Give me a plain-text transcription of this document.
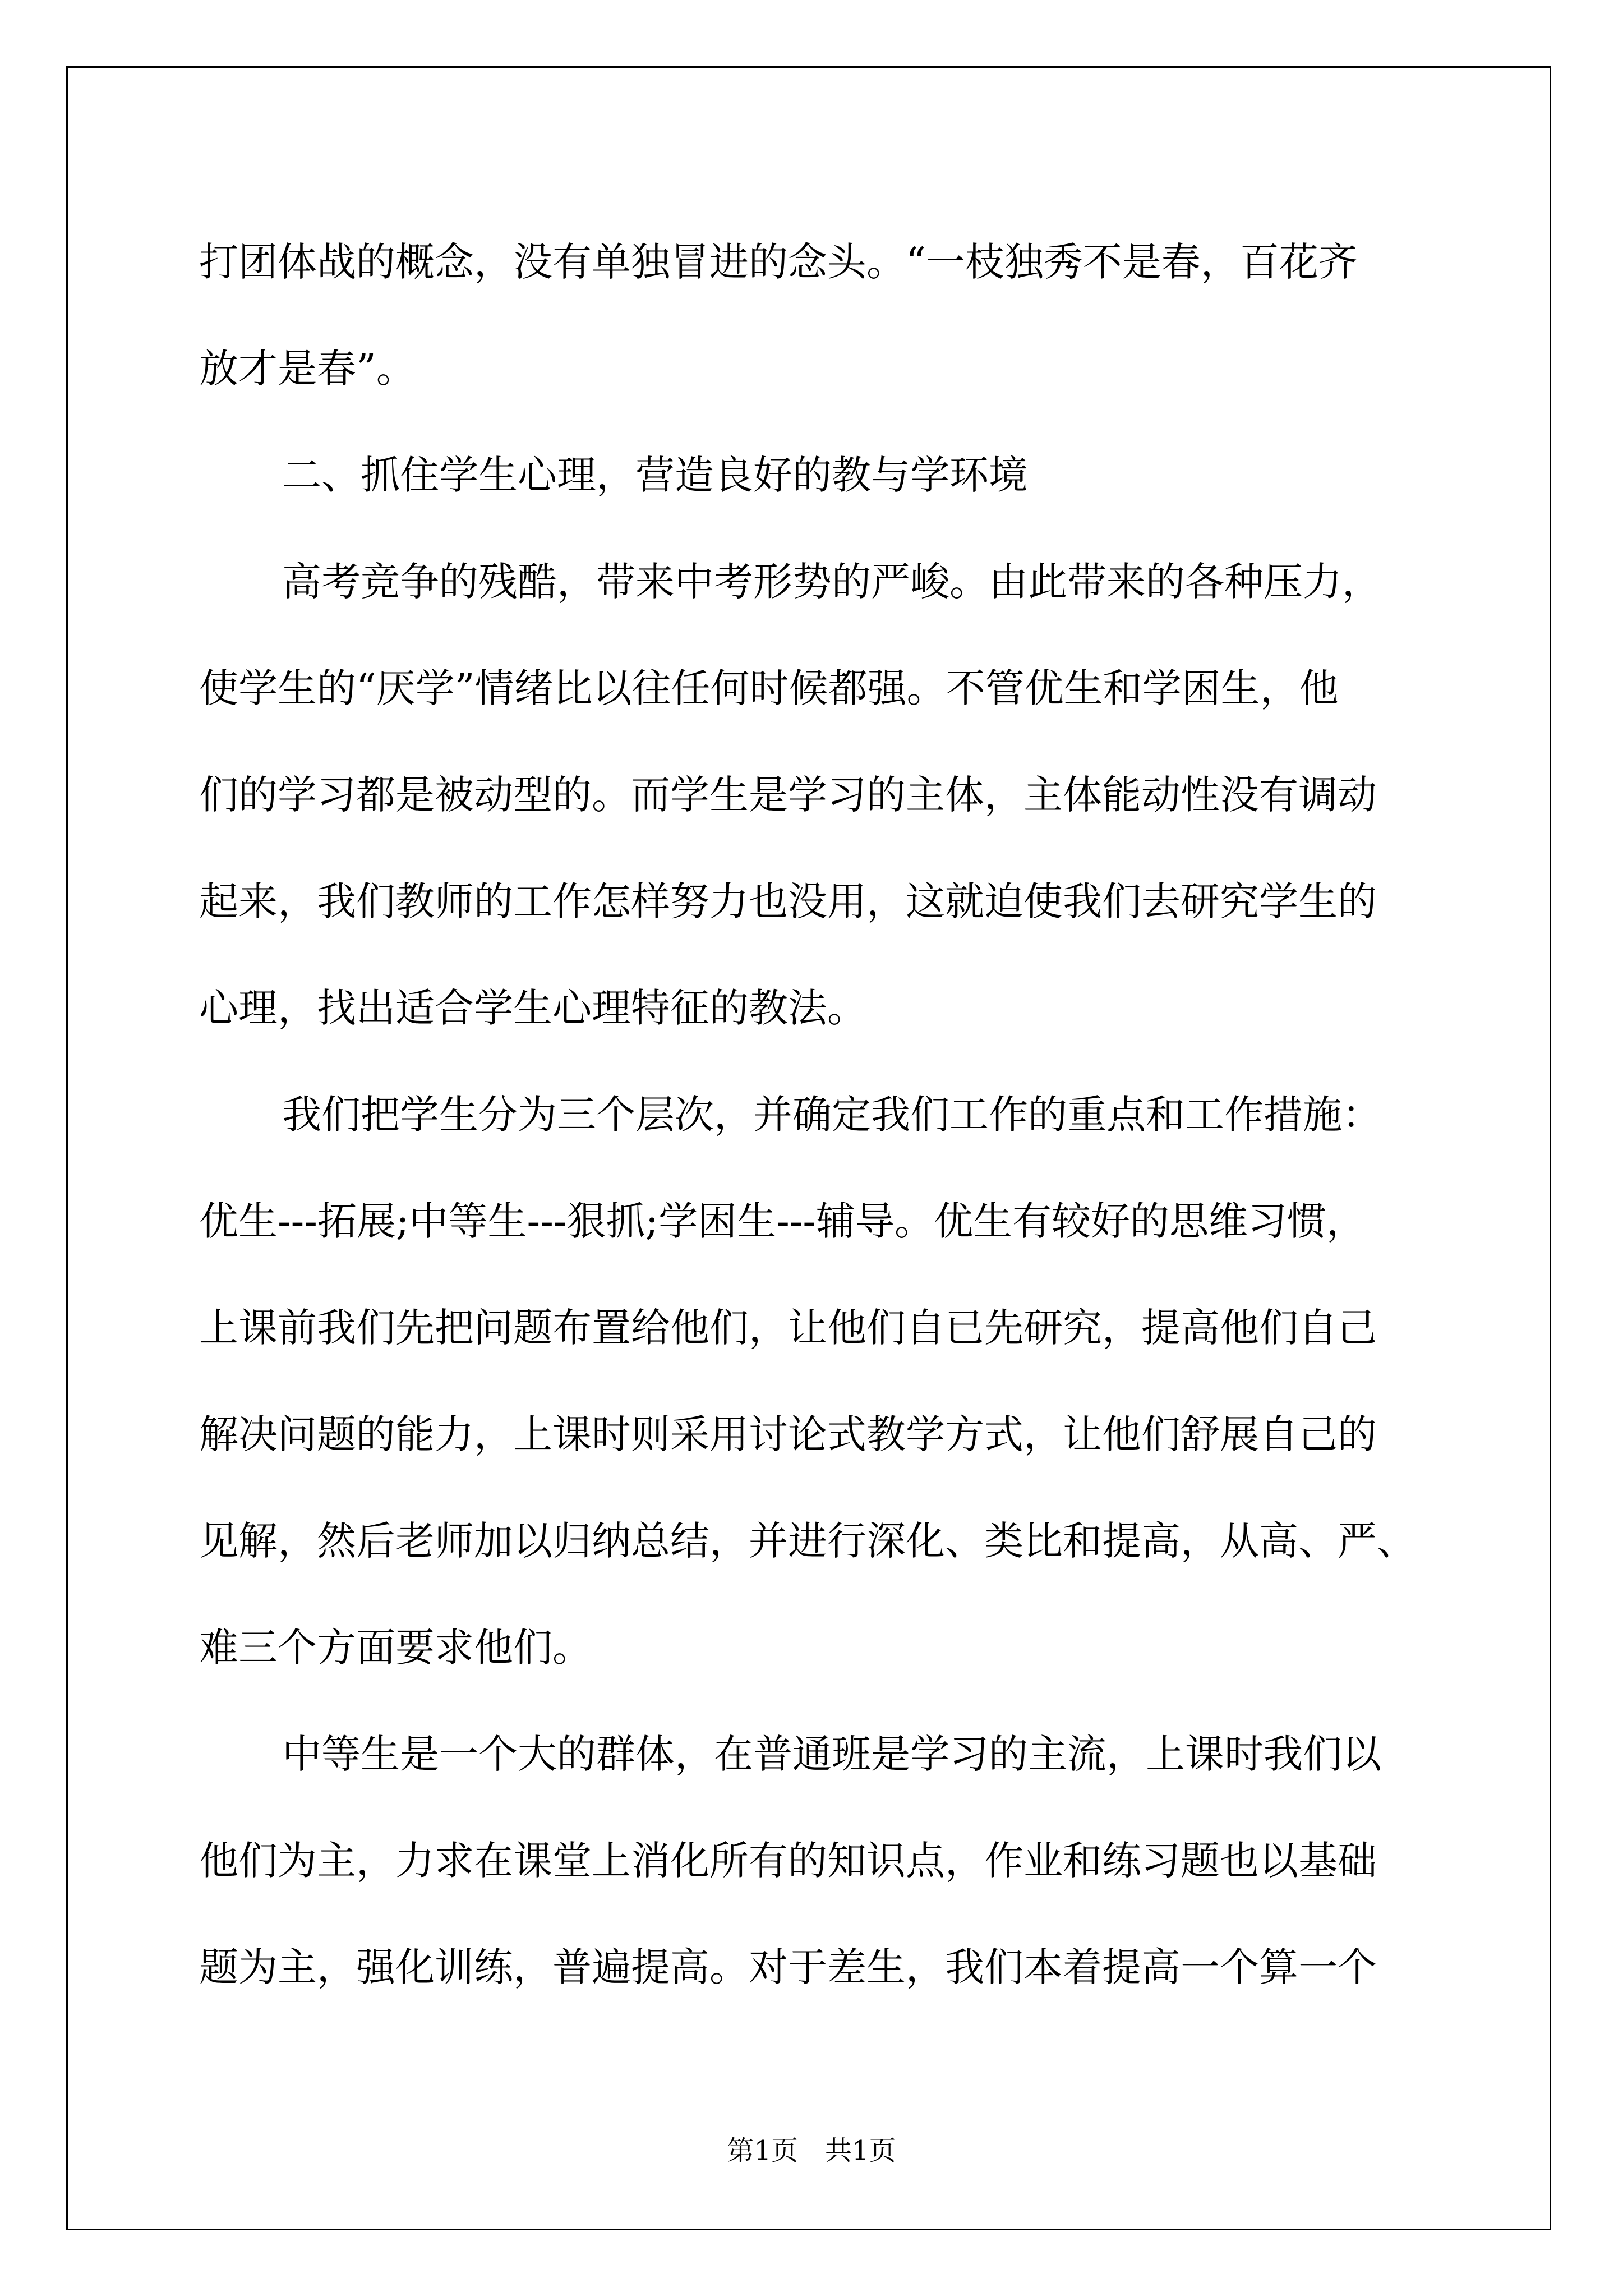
打团体战的概念，没有单独冒进的念头。“一枝独秀不是春，百花齐
放才是春”。
二、抓住学生心理，营造良好的教与学环境
高考竞争的残酷，带来中考形势的严峻。由此带来的各种压力，
使学生的“厌学”情绪比以往任何时候都强。不管优生和学困生，他
们的学习都是被动型的。而学生是学习的主体，主体能动性没有调动
起来，我们教师的工作怎样努力也没用，这就迫使我们去研究学生的
心理，找出适合学生心理特征的教法。
我们把学生分为三个层次，并确定我们工作的重点和工作措施：
优生---拓展;中等生---狠抓;学困生---辅导。优生有较好的思维习惯，
上课前我们先把问题布置给他们，让他们自已先研究，提高他们自己
解决问题的能力，上课时则采用讨论式教学方式，让他们舒展自己的
见解，然后老师加以归纳总结，并进行深化、类比和提高，从高、严、
难三个方面要求他们。
中等生是一个大的群体，在普通班是学习的主流，上课时我们以
他们为主，力求在课堂上消化所有的知识点，作业和练习题也以基础
题为主，强化训练，普遍提高。对于差生，我们本着提高一个算一个
第1页 共1页
